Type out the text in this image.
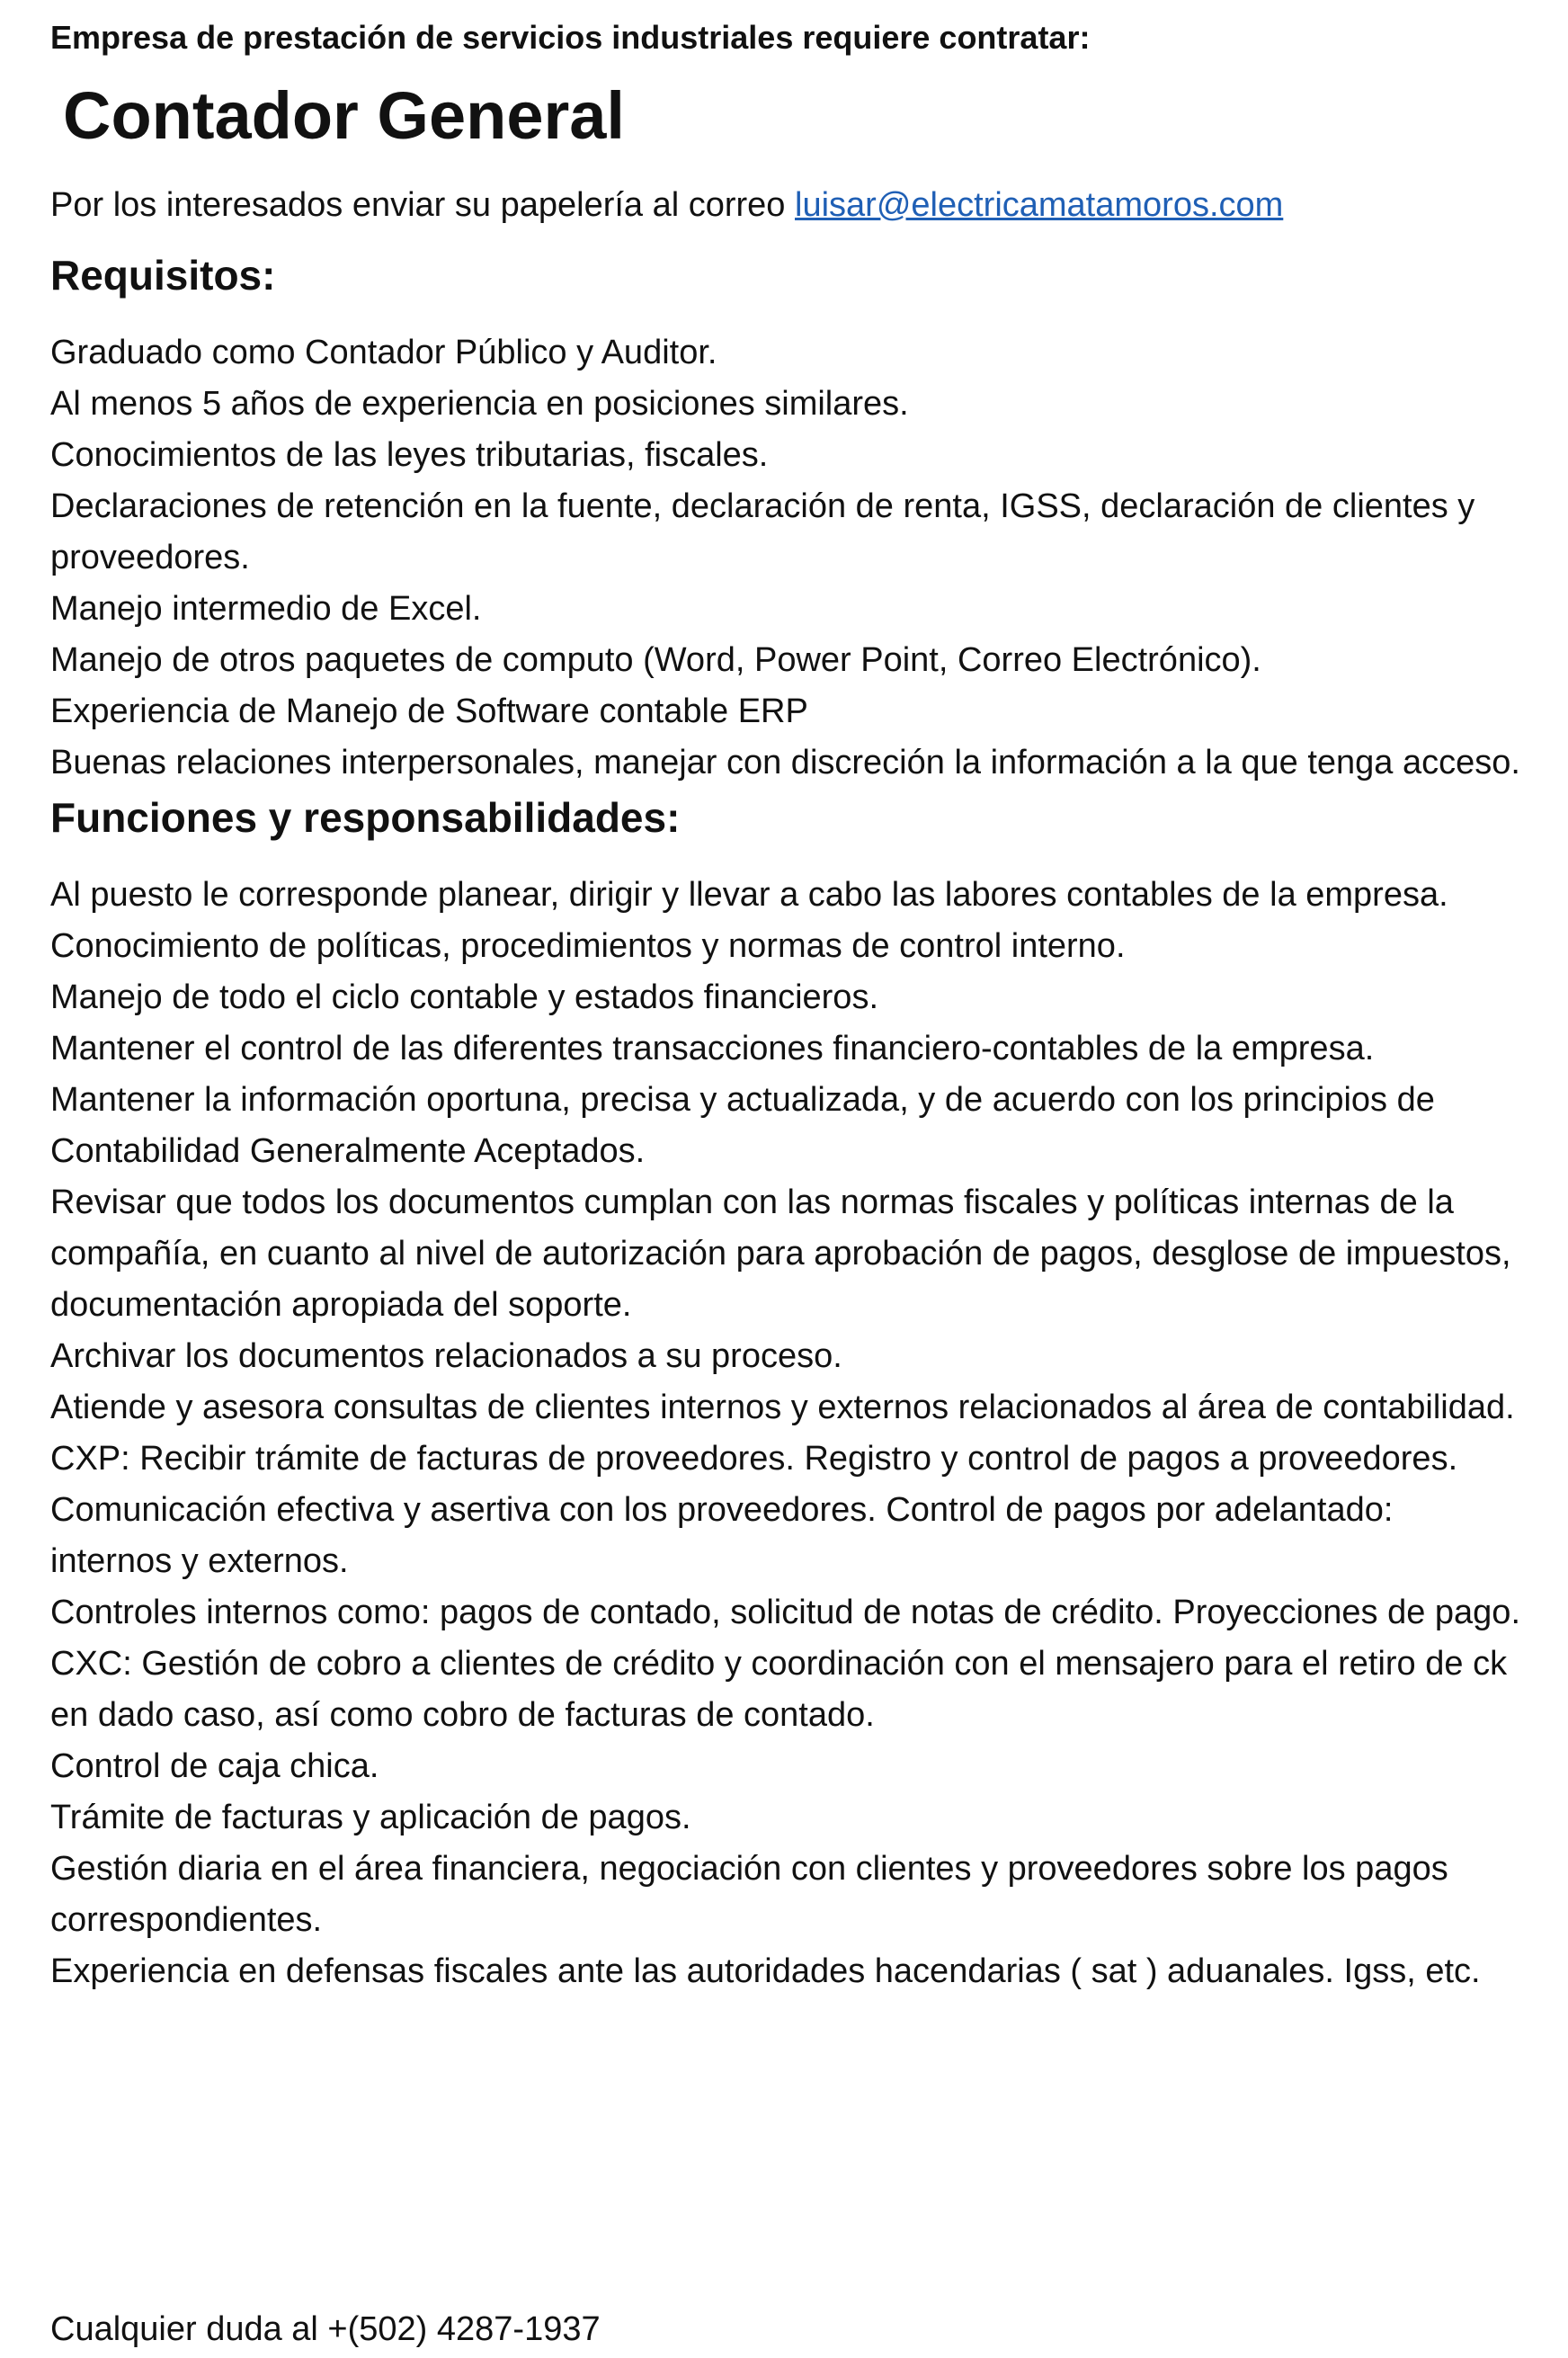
Empresa de prestación de servicios industriales requiere contratar:

Contador General

Por los interesados enviar su papelería al correo luisar@electricamatamoros.com

Requisitos:
Graduado como Contador Público y Auditor.
Al menos 5 años de experiencia en posiciones similares.
Conocimientos de las leyes tributarias, fiscales.
Declaraciones de retención en la fuente, declaración de renta, IGSS, declaración de clientes y proveedores.
Manejo intermedio de Excel.
Manejo de otros paquetes de computo (Word, Power Point, Correo Electrónico).
Experiencia de Manejo de Software contable ERP
Buenas relaciones interpersonales, manejar con discreción la información a la que tenga acceso.
Funciones y responsabilidades:
Al puesto le corresponde planear, dirigir y llevar a cabo las labores contables de la empresa.
Conocimiento de políticas, procedimientos y normas de control interno.
Manejo de todo el ciclo contable y estados financieros.
Mantener el control de las diferentes transacciones financiero-contables de la empresa.
Mantener la información oportuna, precisa y actualizada, y de acuerdo con los principios de Contabilidad Generalmente Aceptados.
Revisar que todos los documentos cumplan con las normas fiscales y políticas internas de la compañía, en cuanto al nivel de autorización para aprobación de pagos, desglose de impuestos, documentación apropiada del soporte.
Archivar los documentos relacionados a su proceso.
Atiende y asesora consultas de clientes internos y externos relacionados al área de contabilidad.
CXP: Recibir trámite de facturas de proveedores. Registro y control de pagos a proveedores.
Comunicación efectiva y asertiva con los proveedores. Control de pagos por adelantado: internos y externos.
Controles internos como: pagos de contado, solicitud de notas de crédito. Proyecciones de pago.
CXC: Gestión de cobro a clientes de crédito y coordinación con el mensajero para el retiro de ck en dado caso, así como cobro de facturas de contado.
Control de caja chica.
Trámite de facturas y aplicación de pagos.
Gestión diaria en el área financiera, negociación con clientes y proveedores sobre los pagos correspondientes.
Experiencia en defensas fiscales ante las autoridades hacendarias ( sat ) aduanales. Igss, etc.

Cualquier duda al +(502) 4287-1937
